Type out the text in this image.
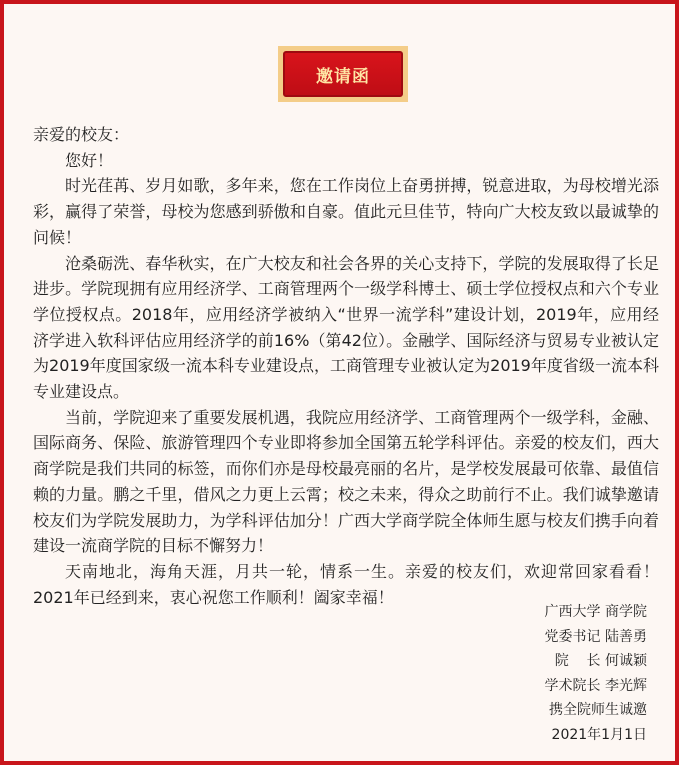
邀请函

亲爱的校友：

您好！

时光荏苒、岁月如歌，多年来，您在工作岗位上奋勇拼搏，锐意进取，为母校增光添彩，赢得了荣誉，母校为您感到骄傲和自豪。值此元旦佳节，特向广大校友致以最诚挚的问候！

沧桑砺洗、春华秋实，在广大校友和社会各界的关心支持下，学院的发展取得了长足进步。学院现拥有应用经济学、工商管理两个一级学科博士、硕士学位授权点和六个专业学位授权点。2018年，应用经济学被纳入“世界一流学科”建设计划，2019年，应用经济学进入软科评估应用经济学的前16%（第42位）。金融学、国际经济与贸易专业被认定为2019年度国家级一流本科专业建设点，工商管理专业被认定为2019年度省级一流本科专业建设点。

当前，学院迎来了重要发展机遇，我院应用经济学、工商管理两个一级学科，金融、国际商务、保险、旅游管理四个专业即将参加全国第五轮学科评估。亲爱的校友们，西大商学院是我们共同的标签，而你们亦是母校最亮丽的名片，是学校发展最可依靠、最值信赖的力量。鹏之千里，借风之力更上云霄；校之未来，得众之助前行不止。我们诚挚邀请校友们为学院发展助力，为学科评估加分！广西大学商学院全体师生愿与校友们携手向着建设一流商学院的目标不懈努力！

天南地北，海角天涯，月共一轮，情系一生。亲爱的校友们，欢迎常回家看看！2021年已经到来，衷心祝您工作顺利！阖家幸福！

广西大学 商学院
党委书记 陆善勇
院    长 何诚颖
学术院长 李光辉
携全院师生诚邀
2021年1月1日
